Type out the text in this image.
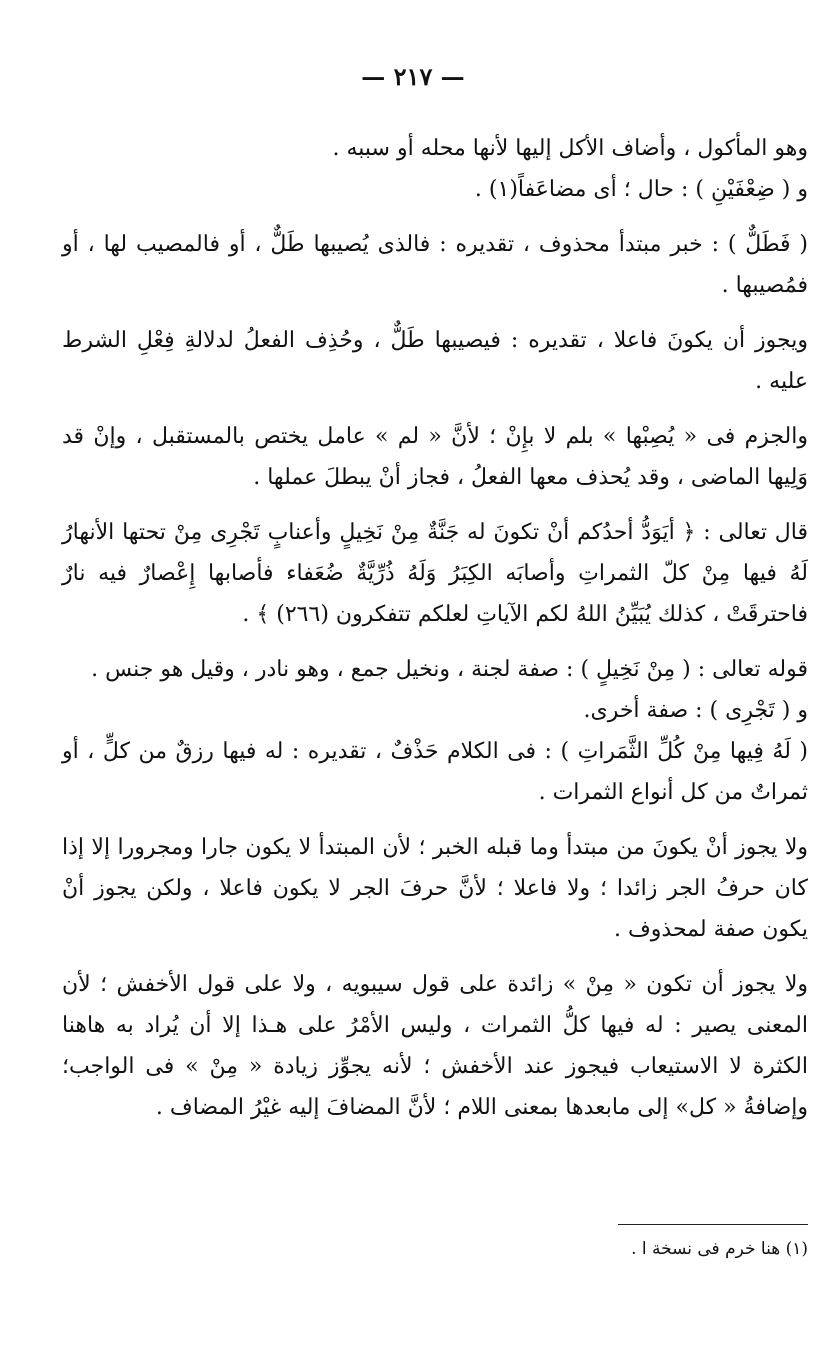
— ٢١٧ —

وهو المأكول ، وأضاف الأكل إليها لأنها محله أو سببه .

و ( ضِعْفَيْنِ ) : حال ؛ أى مضاعَفاً(١) .

( فَطَلٌّ ) : خبر مبتدأ محذوف ، تقديره : فالذى يُصيبها طَلٌّ ، أو فالمصيب لها ، أو فمُصيبها .

ويجوز أن يكونَ فاعلا ، تقديره : فيصيبها طَلٌّ ، وحُذِف الفعلُ لدلالةِ فِعْلِ الشرط عليه .

والجزم فى « يُصِبْها » بلم لا بإِنْ ؛ لأنَّ « لم » عامل يختص بالمستقبل ، وإنْ قد وَلِيها الماضى ، وقد يُحذف معها الفعلُ ، فجاز أنْ يبطلَ عملها .

قال تعالى : ﴿ أيَوَدُّ أحدُكم أنْ تكونَ له جَنَّةٌ مِنْ نَخِيلٍ وأعنابٍ تَجْرِى مِنْ تحتها الأنهارُ لَهُ فيها مِنْ كلّ الثمراتِ وأصابَه الكِبَرُ وَلَهُ ذُرِّيَّةٌ ضُعَفاء فأصابها إِعْصارٌ فيه نارٌ فاحترقَتْ ، كذلك يُبَيِّنُ اللهُ لكم الآياتِ لعلكم تتفكرون (٢٦٦) ﴾ .

قوله تعالى : ( مِنْ نَخِيلٍ ) : صفة لجنة ، ونخيل جمع ، وهو نادر ، وقيل هو جنس .

و ( تَجْرِى ) : صفة أخرى.

( لَهُ فِيها مِنْ كُلِّ الثَّمَراتِ ) : فى الكلام حَذْفٌ ، تقديره : له فيها رزقٌ من كلٍّ ، أو ثمراتٌ من كل أنواع الثمرات .

ولا يجوز أنْ يكونَ من مبتدأ وما قبله الخبر ؛ لأن المبتدأ لا يكون جارا ومجرورا إلا إذا كان حرفُ الجر زائدا ؛ ولا فاعلا ؛ لأنَّ حرفَ الجر لا يكون فاعلا ، ولكن يجوز أنْ يكون صفة لمحذوف .

ولا يجوز أن تكون « مِنْ » زائدة على قول سيبويه ، ولا على قول الأخفش ؛ لأن المعنى يصير : له فيها كلُّ الثمرات ، وليس الأمْرُ على هـذا إلا أن يُراد به هاهنا الكثرة لا الاستيعاب فيجوز عند الأخفش ؛ لأنه يجوِّز زيادة « مِنْ » فى الواجب؛ وإضافةُ « كل» إلى مابعدها بمعنى اللام ؛ لأنَّ المضافَ إليه غيْرُ المضاف .

(١) هنا خرم فى نسخة ا .
